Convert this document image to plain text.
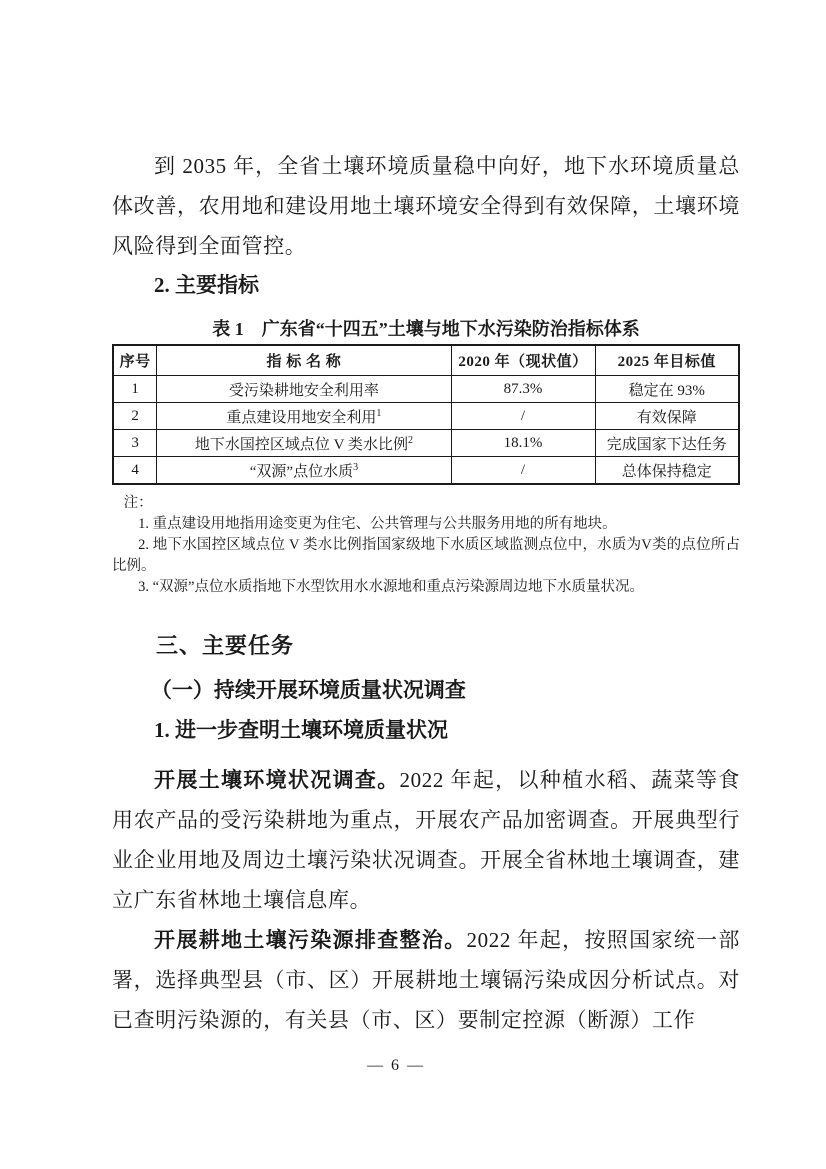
到 2035 年，全省土壤环境质量稳中向好，地下水环境质量总体改善，农用地和建设用地土壤环境安全得到有效保障，土壤环境风险得到全面管控。

2. 主要指标
表 1　广东省“十四五”土壤与地下水污染防治指标体系
序号	指 标 名 称	2020 年（现状值）	2025 年目标值
1	受污染耕地安全利用率	87.3%	稳定在 93%
2	重点建设用地安全利用$^1$	/	有效保障
3	地下水国控区域点位 V 类水比例$^2$	18.1%	完成国家下达任务
4	“双源”点位水质$^3$	/	总体保持稳定
注：
1. 重点建设用地指用途变更为住宅、公共管理与公共服务用地的所有地块。
2. 地下水国控区域点位 V 类水比例指国家级地下水质区域监测点位中，水质为V类的点位所占比例。
3. “双源”点位水质指地下水型饮用水水源地和重点污染源周边地下水质量状况。
三、主要任务
（一）持续开展环境质量状况调查
1. 进一步查明土壤环境质量状况

开展土壤环境状况调查。2022 年起，以种植水稻、蔬菜等食用农产品的受污染耕地为重点，开展农产品加密调查。开展典型行业企业用地及周边土壤污染状况调查。开展全省林地土壤调查，建立广东省林地土壤信息库。

开展耕地土壤污染源排查整治。2022 年起，按照国家统一部署，选择典型县（市、区）开展耕地土壤镉污染成因分析试点。对已查明污染源的，有关县（市、区）要制定控源（断源）工作

— 6 —
